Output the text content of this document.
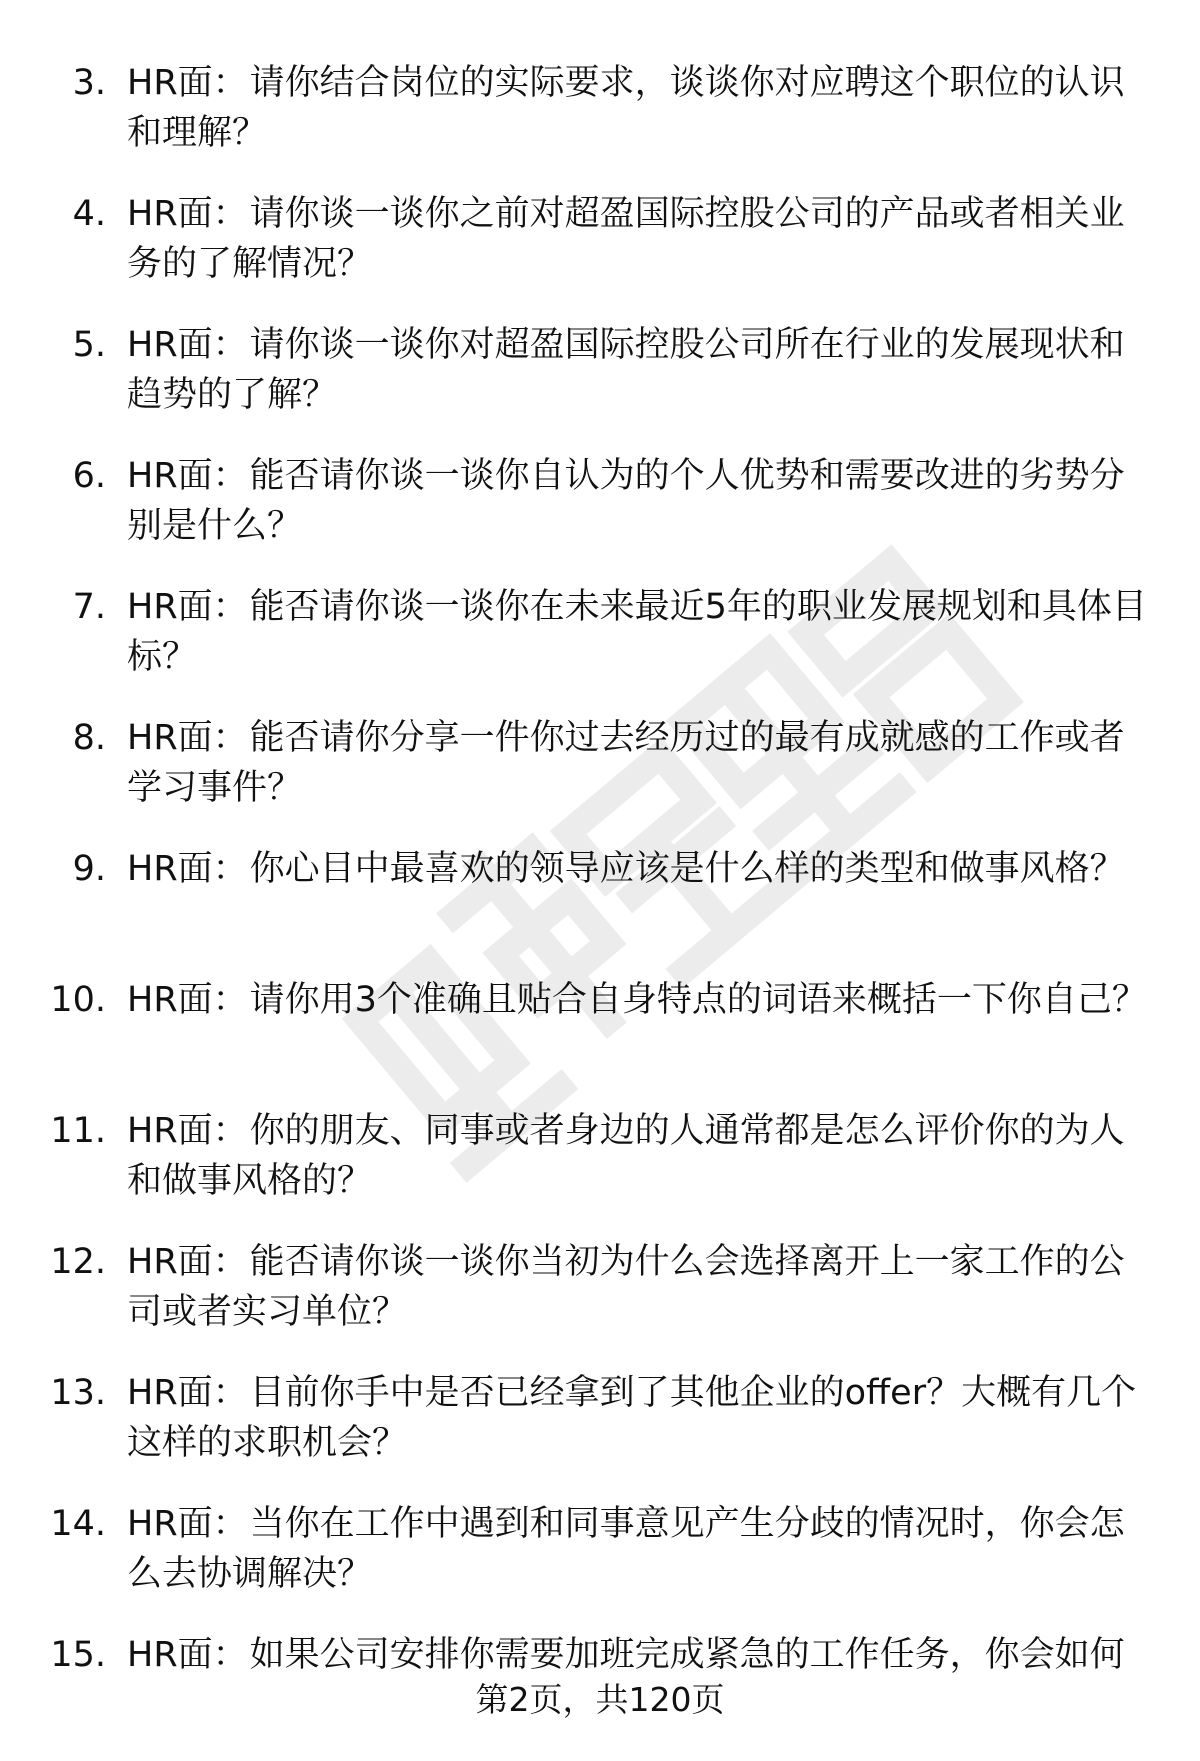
3. HR面：请你结合岗位的实际要求，谈谈你对应聘这个职位的认识和理解？
4. HR面：请你谈一谈你之前对超盈国际控股公司的产品或者相关业务的了解情况？
5. HR面：请你谈一谈你对超盈国际控股公司所在行业的发展现状和趋势的了解？
6. HR面：能否请你谈一谈你自认为的个人优势和需要改进的劣势分别是什么？
7. HR面：能否请你谈一谈你在未来最近5年的职业发展规划和具体目标？
8. HR面：能否请你分享一件你过去经历过的最有成就感的工作或者学习事件？
9. HR面：你心目中最喜欢的领导应该是什么样的类型和做事风格？
10. HR面：请你用3个准确且贴合自身特点的词语来概括一下你自己？
11. HR面：你的朋友、同事或者身边的人通常都是怎么评价你的为人和做事风格的？
12. HR面：能否请你谈一谈你当初为什么会选择离开上一家工作的公司或者实习单位？
13. HR面：目前你手中是否已经拿到了其他企业的offer？大概有几个这样的求职机会？
14. HR面：当你在工作中遇到和同事意见产生分歧的情况时，你会怎么去协调解决？
15. HR面：如果公司安排你需要加班完成紧急的工作任务，你会如何
第2页，共120页
